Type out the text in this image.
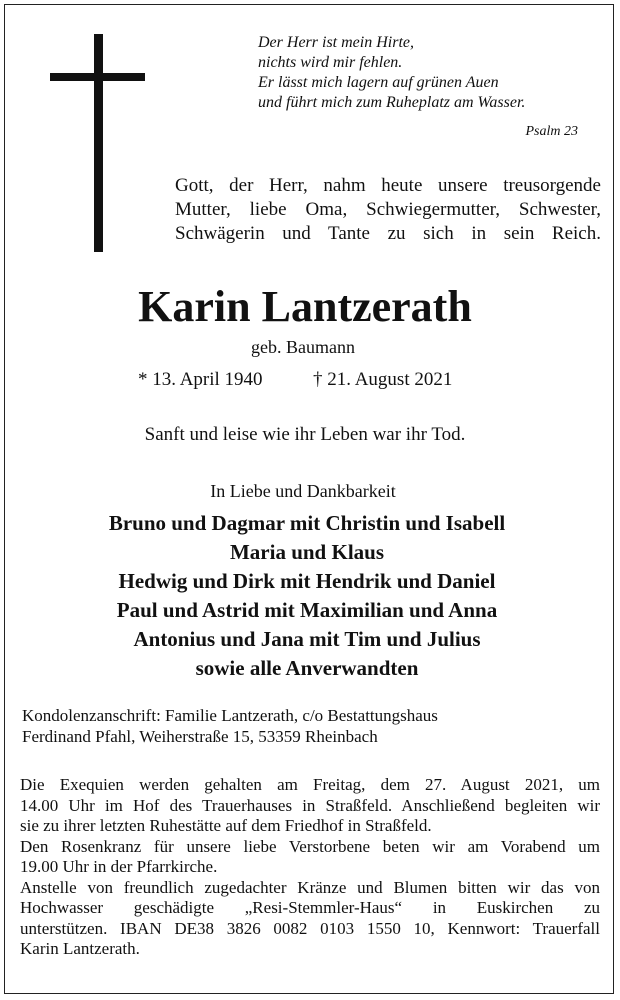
Der Herr ist mein Hirte,
nichts wird mir fehlen.
Er lässt mich lagern auf grünen Auen
und führt mich zum Ruheplatz am Wasser.
Psalm 23
Gott, der Herr, nahm heute unsere treusorgende
Mutter, liebe Oma, Schwiegermutter, Schwester,
Schwägerin und Tante zu sich in sein Reich.
Karin Lantzerath
geb. Baumann
* 13. April 1940	† 21. August 2021
Sanft und leise wie ihr Leben war ihr Tod.
In Liebe und Dankbarkeit
Bruno und Dagmar mit Christin und Isabell
Maria und Klaus
Hedwig und Dirk mit Hendrik und Daniel
Paul und Astrid mit Maximilian und Anna
Antonius und Jana mit Tim und Julius
sowie alle Anverwandten
Kondolenzanschrift: Familie Lantzerath, c/o Bestattungshaus
Ferdinand Pfahl, Weiherstraße 15, 53359 Rheinbach
Die Exequien werden gehalten am Freitag, dem 27. August 2021, um
14.00 Uhr im Hof des Trauerhauses in Straßfeld. Anschließend begleiten wir
sie zu ihrer letzten Ruhestätte auf dem Friedhof in Straßfeld.
Den Rosenkranz für unsere liebe Verstorbene beten wir am Vorabend um
19.00 Uhr in der Pfarrkirche.
Anstelle von freundlich zugedachter Kränze und Blumen bitten wir das von
Hochwasser geschädigte „Resi-Stemmler-Haus“ in Euskirchen zu
unterstützen. IBAN DE38 3826 0082 0103 1550 10, Kennwort: Trauerfall
Karin Lantzerath.
